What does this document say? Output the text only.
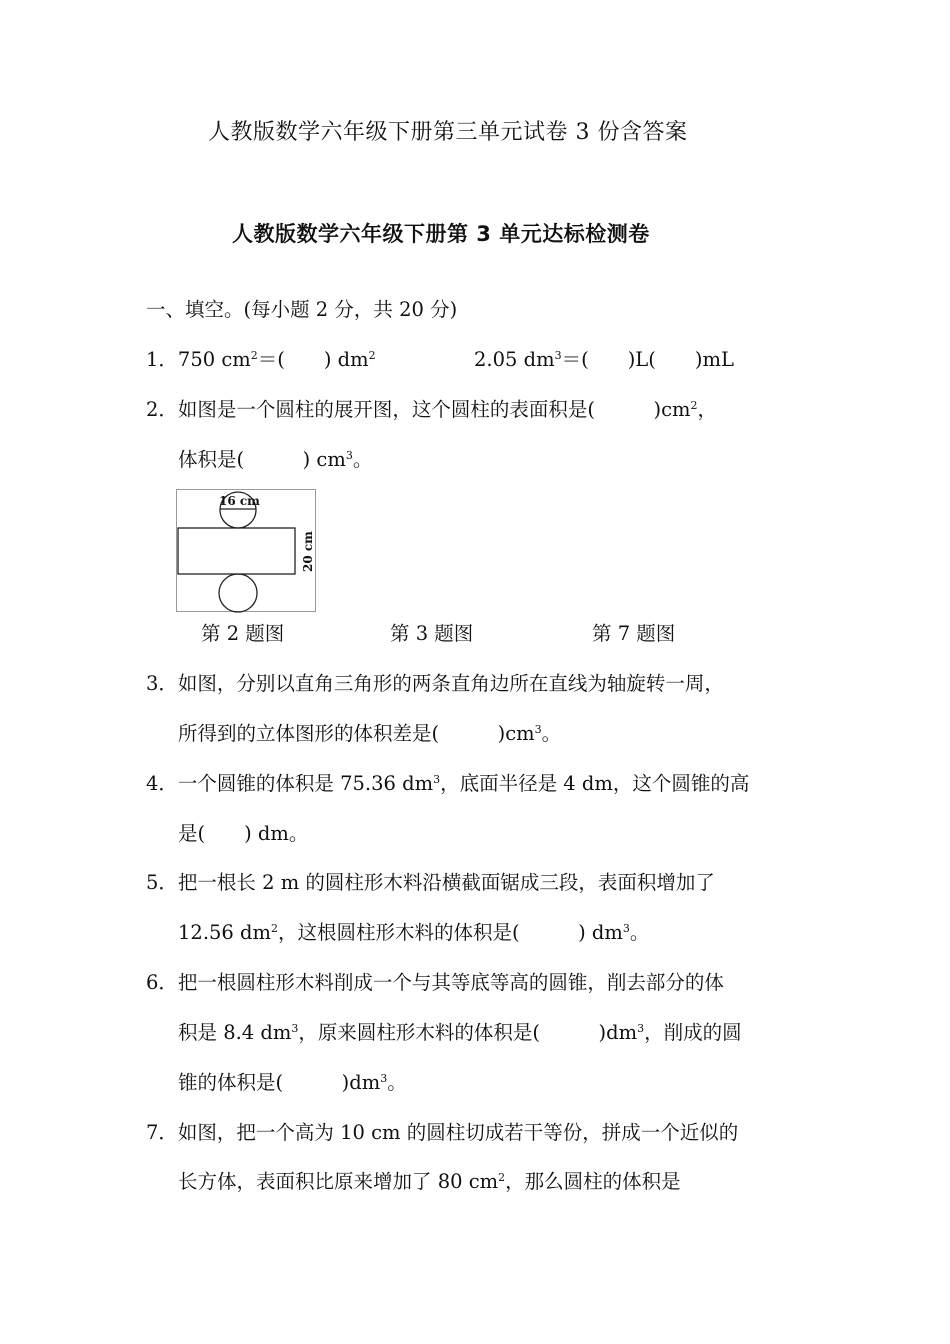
人教版数学六年级下册第三单元试卷 3 份含答案
人教版数学六年级下册第 3 单元达标检测卷
一、填空。(每小题 2 分，共 20 分)
1．750 $cm^2=$(　　) $dm^2$	2.05 $dm^3=$(　　)L(　　)mL
2．如图是一个圆柱的展开图，这个圆柱的表面积是(　　　)$cm^2$，
体积是(　　　) $cm^3$。
16 cm
20 cm
第 2 题图	第 3 题图	第 7 题图
3．如图，分别以直角三角形的两条直角边所在直线为轴旋转一周，
所得到的立体图形的体积差是(　　　)$cm^3$。
4．一个圆锥的体积是 75.36 $dm^3$，底面半径是 4 dm，这个圆锥的高
是(　　) dm。
5．把一根长 2 m 的圆柱形木料沿横截面锯成三段，表面积增加了
12.56 $dm^2$，这根圆柱形木料的体积是(　　　) $dm^3$。
6．把一根圆柱形木料削成一个与其等底等高的圆锥，削去部分的体
积是 8.4 $dm^3$，原来圆柱形木料的体积是(　　　)$dm^3$，削成的圆
锥的体积是(　　　)$dm^3$。
7．如图，把一个高为 10 cm 的圆柱切成若干等份，拼成一个近似的
长方体，表面积比原来增加了 80 $cm^2$，那么圆柱的体积是
